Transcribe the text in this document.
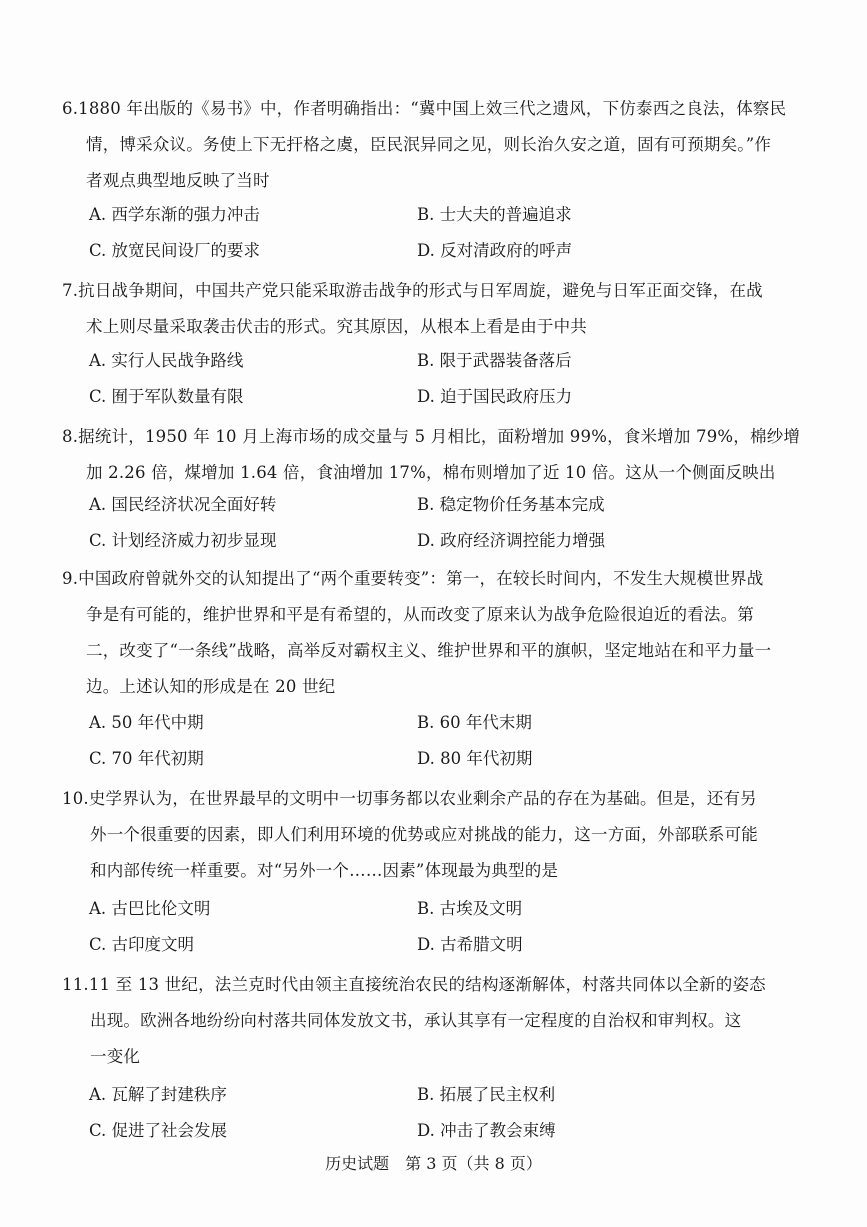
6.1880 年出版的《易书》中，作者明确指出：“冀中国上效三代之遗风，下仿泰西之良法，体察民
情，博采众议。务使上下无扞格之虞，臣民泯异同之见，则长治久安之道，固有可预期矣。”作
者观点典型地反映了当时
A. 西学东渐的强力冲击	B. 士大夫的普遍追求
C. 放宽民间设厂的要求	D. 反对清政府的呼声
7.抗日战争期间，中国共产党只能采取游击战争的形式与日军周旋，避免与日军正面交锋，在战
术上则尽量采取袭击伏击的形式。究其原因，从根本上看是由于中共
A. 实行人民战争路线	B. 限于武器装备落后
C. 囿于军队数量有限	D. 迫于国民政府压力
8.据统计，1950 年 10 月上海市场的成交量与 5 月相比，面粉增加 99%，食米增加 79%，棉纱增
加 2.26 倍，煤增加 1.64 倍，食油增加 17%，棉布则增加了近 10 倍。这从一个侧面反映出
A. 国民经济状况全面好转	B. 稳定物价任务基本完成
C. 计划经济威力初步显现	D. 政府经济调控能力增强
9.中国政府曾就外交的认知提出了“两个重要转变”：第一，在较长时间内，不发生大规模世界战
争是有可能的，维护世界和平是有希望的，从而改变了原来认为战争危险很迫近的看法。第
二，改变了“一条线”战略，高举反对霸权主义、维护世界和平的旗帜，坚定地站在和平力量一
边。上述认知的形成是在 20 世纪
A. 50 年代中期	B. 60 年代末期
C. 70 年代初期	D. 80 年代初期
10.史学界认为，在世界最早的文明中一切事务都以农业剩余产品的存在为基础。但是，还有另
外一个很重要的因素，即人们利用环境的优势或应对挑战的能力，这一方面，外部联系可能
和内部传统一样重要。对“另外一个……因素”体现最为典型的是
A. 古巴比伦文明	B. 古埃及文明
C. 古印度文明	D. 古希腊文明
11.11 至 13 世纪，法兰克时代由领主直接统治农民的结构逐渐解体，村落共同体以全新的姿态
出现。欧洲各地纷纷向村落共同体发放文书，承认其享有一定程度的自治权和审判权。这
一变化
A. 瓦解了封建秩序	B. 拓展了民主权利
C. 促进了社会发展	D. 冲击了教会束缚
历史试题　第 3 页（共 8 页）
